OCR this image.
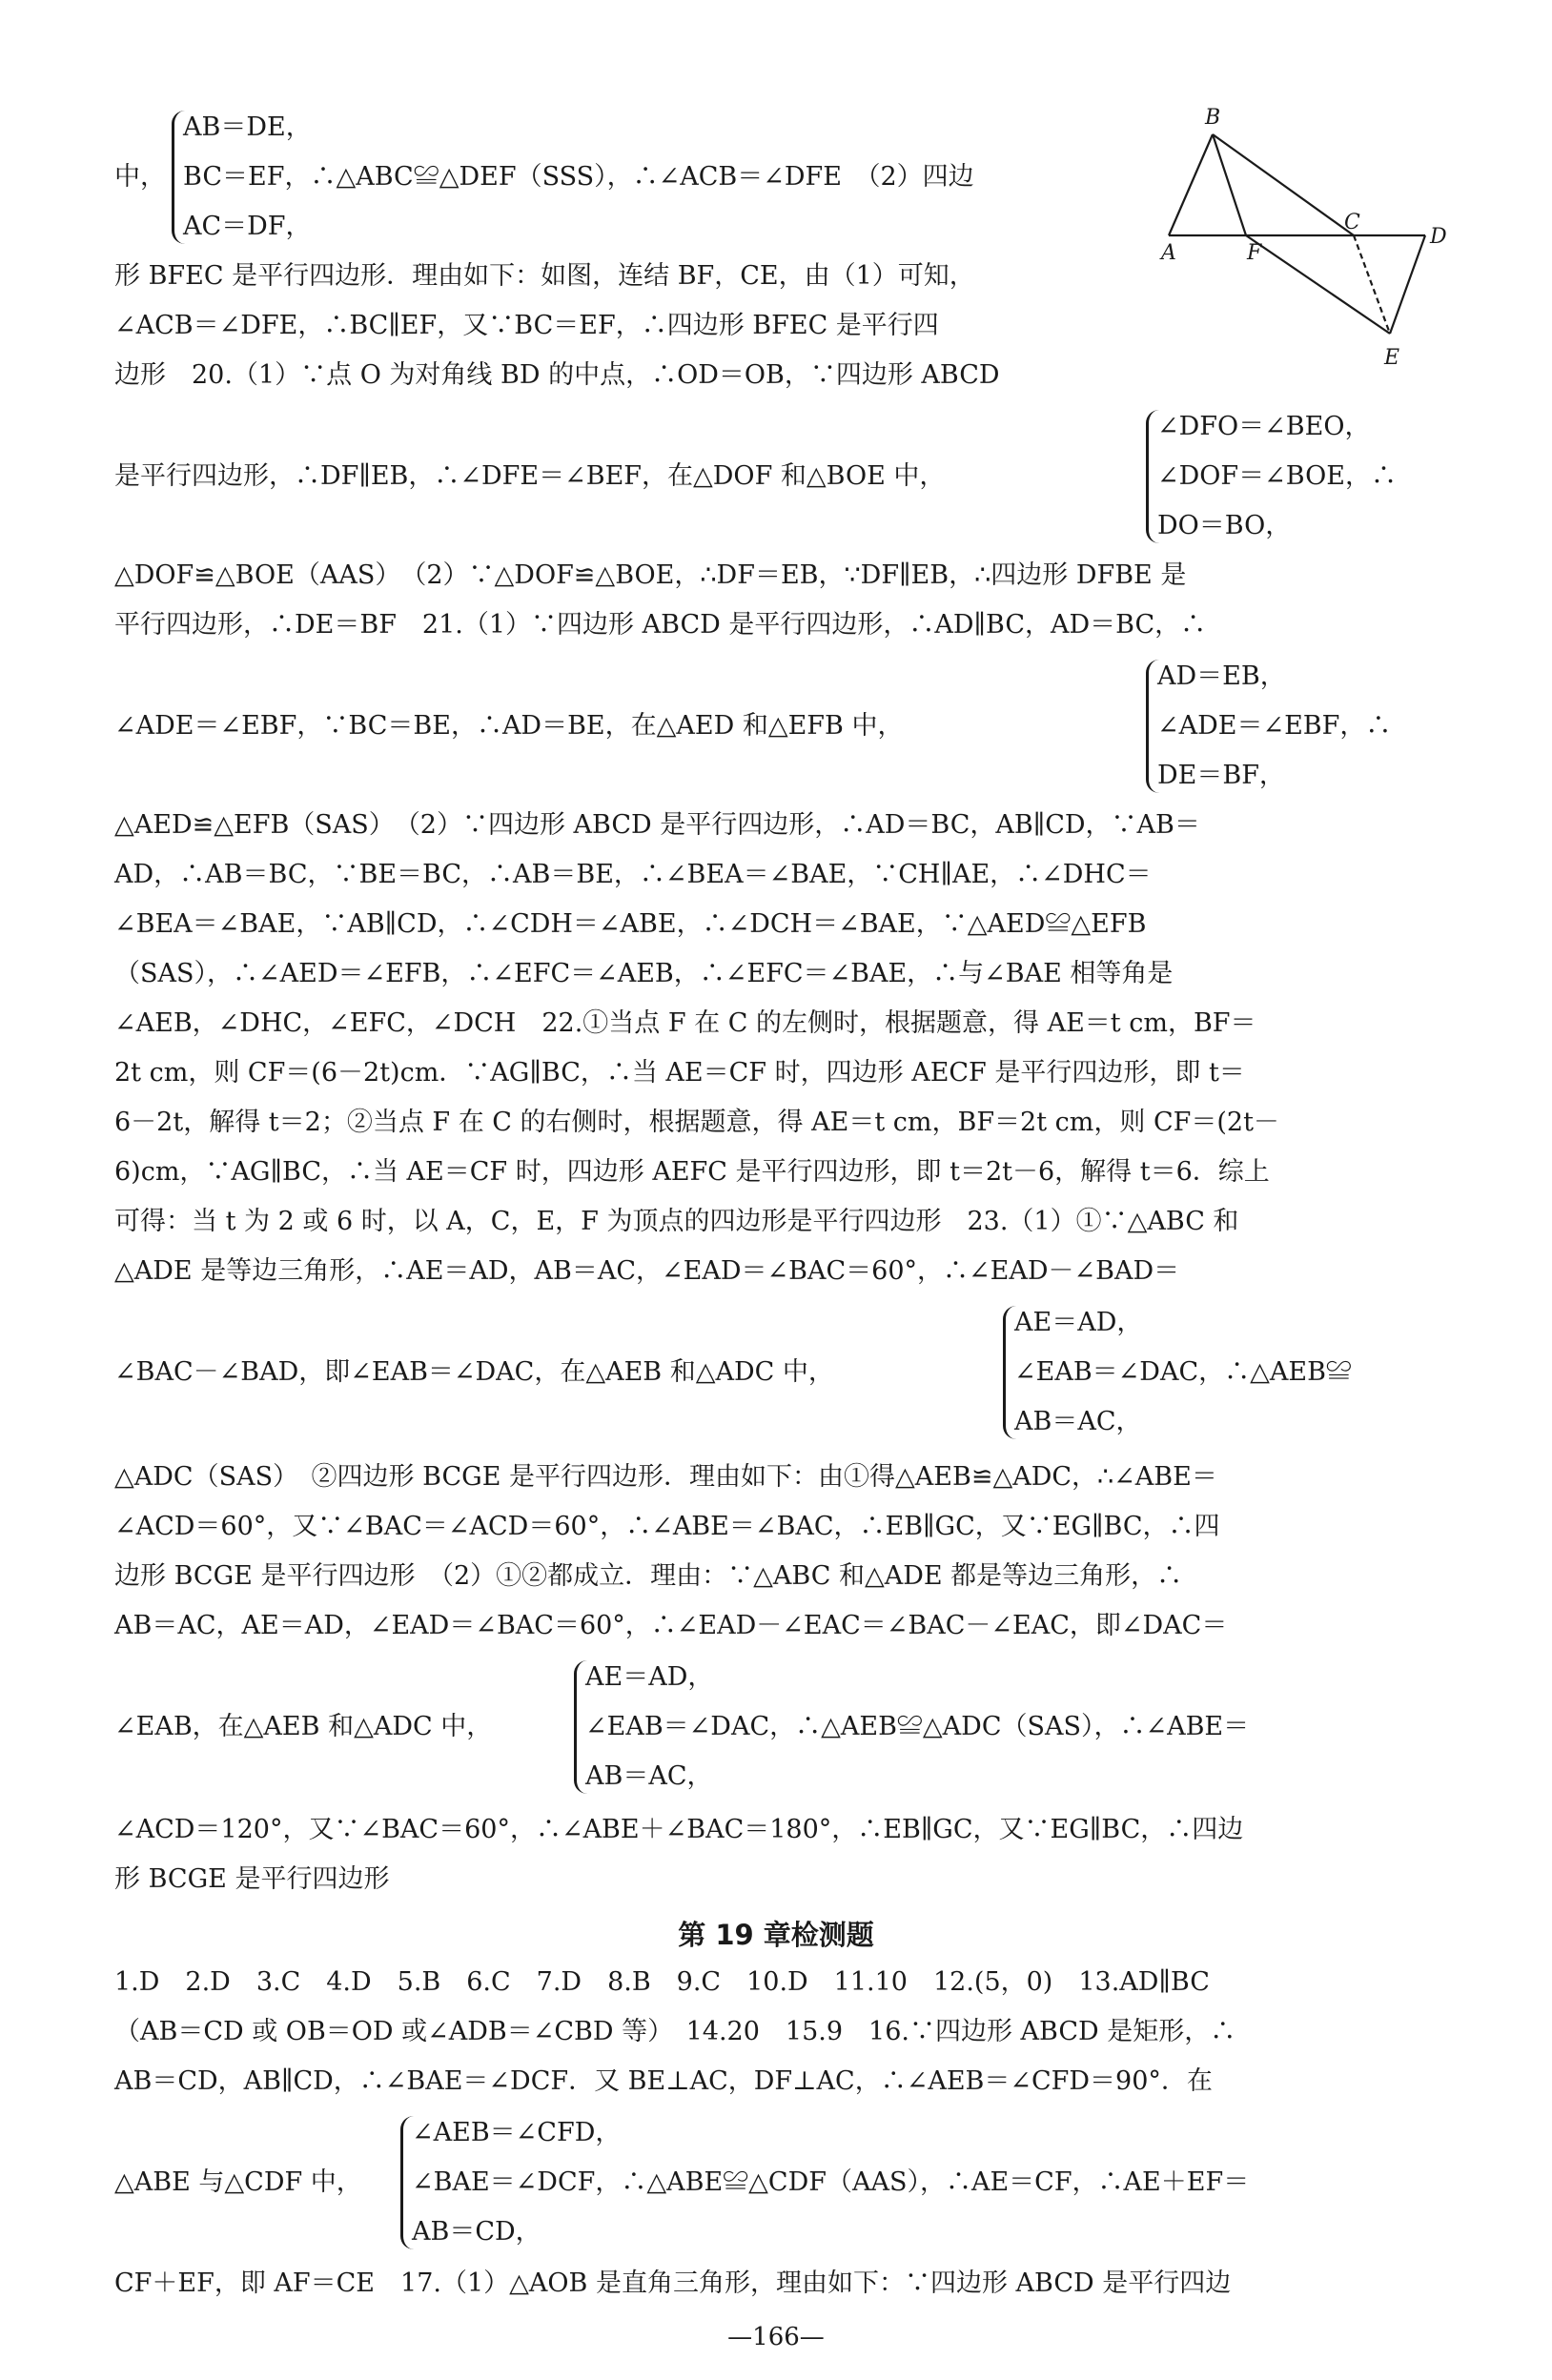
B
A	F
C
D
E
中，
AB＝DE，
BC＝EF，∴△ABC≌△DEF（SSS），∴∠ACB＝∠DFE　（2）四边
AC＝DF，
形 BFEC 是平行四边形．理由如下：如图，连结 BF，CE，由（1）可知，
∠ACB＝∠DFE，∴BC∥EF，又∵BC＝EF，∴四边形 BFEC 是平行四
边形　20.（1）∵点 O 为对角线 BD 的中点，∴OD＝OB，∵四边形 ABCD
是平行四边形，∴DF∥EB，∴∠DFE＝∠BEF，在△DOF 和△BOE 中，
∠DFO＝∠BEO，
∠DOF＝∠BOE，∴
DO＝BO，
△DOF≌△BOE（AAS）　（2）∵△DOF≌△BOE，∴DF＝EB，∵DF∥EB，∴四边形 DFBE 是
平行四边形，∴DE＝BF　21.（1）∵四边形 ABCD 是平行四边形，∴AD∥BC，AD＝BC，∴
∠ADE＝∠EBF，∵BC＝BE，∴AD＝BE，在△AED 和△EFB 中，
AD＝EB，
∠ADE＝∠EBF，∴
DE＝BF，
△AED≌△EFB（SAS）　（2）∵四边形 ABCD 是平行四边形，∴AD＝BC，AB∥CD，∵AB＝
AD，∴AB＝BC，∵BE＝BC，∴AB＝BE，∴∠BEA＝∠BAE，∵CH∥AE，∴∠DHC＝
∠BEA＝∠BAE，∵AB∥CD，∴∠CDH＝∠ABE，∴∠DCH＝∠BAE，∵△AED≌△EFB
（SAS），∴∠AED＝∠EFB，∴∠EFC＝∠AEB，∴∠EFC＝∠BAE，∴与∠BAE 相等角是
∠AEB，∠DHC，∠EFC，∠DCH　22.①当点 F 在 C 的左侧时，根据题意，得 AE＝t cm，BF＝
2t cm，则 CF＝(6－2t)cm．∵AG∥BC，∴当 AE＝CF 时，四边形 AECF 是平行四边形，即 t＝
6－2t，解得 t＝2；②当点 F 在 C 的右侧时，根据题意，得 AE＝t cm，BF＝2t cm，则 CF＝(2t－
6)cm，∵AG∥BC，∴当 AE＝CF 时，四边形 AEFC 是平行四边形，即 t＝2t－6，解得 t＝6．综上
可得：当 t 为 2 或 6 时，以 A，C，E，F 为顶点的四边形是平行四边形　23.（1）①∵△ABC 和
△ADE 是等边三角形，∴AE＝AD，AB＝AC，∠EAD＝∠BAC＝60°，∴∠EAD－∠BAD＝
∠BAC－∠BAD，即∠EAB＝∠DAC，在△AEB 和△ADC 中，
AE＝AD，
∠EAB＝∠DAC，∴△AEB≌
AB＝AC，
△ADC（SAS）　②四边形 BCGE 是平行四边形．理由如下：由①得△AEB≌△ADC，∴∠ABE＝
∠ACD＝60°，又∵∠BAC＝∠ACD＝60°，∴∠ABE＝∠BAC，∴EB∥GC，又∵EG∥BC，∴四
边形 BCGE 是平行四边形　（2）①②都成立．理由：∵△ABC 和△ADE 都是等边三角形，∴
AB＝AC，AE＝AD，∠EAD＝∠BAC＝60°，∴∠EAD－∠EAC＝∠BAC－∠EAC，即∠DAC＝
∠EAB，在△AEB 和△ADC 中，
AE＝AD，
∠EAB＝∠DAC，∴△AEB≌△ADC（SAS），∴∠ABE＝
AB＝AC，
∠ACD＝120°，又∵∠BAC＝60°，∴∠ABE＋∠BAC＝180°，∴EB∥GC，又∵EG∥BC，∴四边
形 BCGE 是平行四边形
第 19 章检测题
1.D　2.D　3.C　4.D　5.B　6.C　7.D　8.B　9.C　10.D　11.10　12.(5，0)　13.AD∥BC
（AB＝CD 或 OB＝OD 或∠ADB＝∠CBD 等）　14.20　15.9　16.∵四边形 ABCD 是矩形，∴
AB＝CD，AB∥CD，∴∠BAE＝∠DCF．又 BE⊥AC，DF⊥AC，∴∠AEB＝∠CFD＝90°．在
△ABE 与△CDF 中，
∠AEB＝∠CFD，
∠BAE＝∠DCF，∴△ABE≌△CDF（AAS），∴AE＝CF，∴AE＋EF＝
AB＝CD，
CF＋EF，即 AF＝CE　17.（1）△AOB 是直角三角形，理由如下：∵四边形 ABCD 是平行四边
—166—
